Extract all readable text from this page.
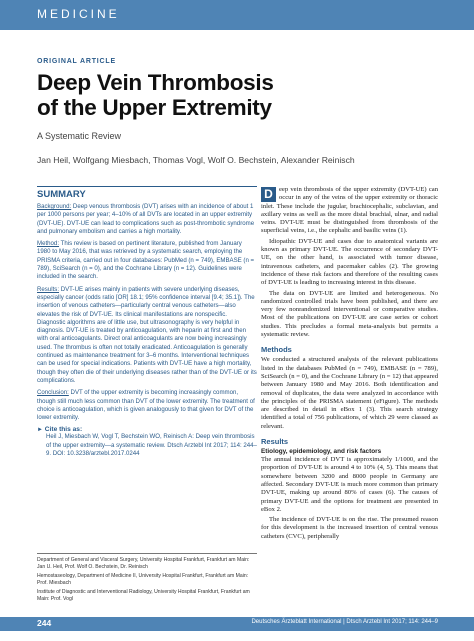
MEDICINE
ORIGINAL ARTICLE
Deep Vein Thrombosis
of the Upper Extremity
A Systematic Review
Jan Heil, Wolfgang Miesbach, Thomas Vogl, Wolf O. Bechstein, Alexander Reinisch
SUMMARY

Background: Deep venous thrombosis (DVT) arises with an incidence of about 1 per 1000 persons per year; 4–10% of all DVTs are located in an upper extremity (DVT-UE). DVT-UE can lead to complications such as post-thrombotic syndrome and pulmonary embolism and carries a high mortality.

Method: This review is based on pertinent literature, published from January 1980 to May 2016, that was retrieved by a systematic search, employing the PRISMA criteria, carried out in four databases: PubMed (n = 749), EMBASE (n = 789), SciSearch (n = 0), and the Cochrane Library (n = 12). Guidelines were included in the search.

Results: DVT-UE arises mainly in patients with severe underlying diseases, especially cancer (odds ratio [OR] 18.1; 95% confidence interval [9.4; 35.1]). The insertion of venous catheters—particularly central venous catheters—also elevates the risk of DVT-UE. Its clinical manifestations are nonspecific. Diagnostic algorithms are of little use, but ultrasonography is very helpful in diagnosis. DVT-UE is treated by anticoagulation, with heparin at first and then with oral anticoagulants. Direct oral anticoagulants are now being increasingly used. The thrombus is often not totally eradicated. Anticoagulation is generally continued as maintenance treatment for 3–6 months. Interventional techniques can be used for special indications. Patients with DVT-UE have a high mortality, though they often die of their underlying diseases rather than of the DVT-UE or its complications.

Conclusion: DVT of the upper extremity is becoming increasingly common, though still much less common than DVT of the lower extremity. The treatment of choice is anticoagulation, which is given analogously to that given for DVT of the lower extremity.

► Cite this as:

Heil J, Miesbach W, Vogl T, Bechstein WO, Reinisch A: Deep vein thrombosis of the upper extremity—a systematic review. Dtsch Arztebl Int 2017; 114: 244–9. DOI: 10.3238/arztebl.2017.0244

D eep vein thrombosis of the upper extremity (DVT-UE) can occur in any of the veins of the upper extremity or thoracic inlet. These include the jugular, brachiocephalic, subclavian, and axillary veins as well as the more distal brachial, ulnar, and radial veins. DVT-UE must be distinguished from thrombosis of the superficial veins, i.e., the cephalic and basilic veins (1).

Idiopathic DVT-UE and cases due to anatomical variants are known as primary DVT-UE. The occurrence of secondary DVT-UE, on the other hand, is associated with tumor disease, intravenous catheters, and pacemaker cables (2). The growing incidence of these risk factors and therefore of the resulting cases of DVT-UE is leading to increasing interest in this disease.

The data on DVT-UE are limited and heterogeneous. No randomized controlled trials have been published, and there are very few nonrandomized interventional or comparative studies. Most of the publications on DVT-UE are case series or cohort studies. This precludes a formal meta-analysis but permits a systematic review.

Methods

We conducted a structured analysis of the relevant publications listed in the databases PubMed (n = 749), EMBASE (n = 789), SciSearch (n = 0), and the Cochrane Library (n = 12) that appeared between January 1980 and May 2016. Both identification and removal of duplicates, the data were analyzed in accordance with the principles of the PRISMA statement (eFigure). The methods are described in detail in eBox 1 (3). This search strategy identified a total of 756 publications, of which 29 were classed as relevant.

Results
Etiology, epidemiology, and risk factors

The annual incidence of DVT is approximately 1/1000, and the proportion of DVT-UE is around 4 to 10% (4, 5). This means that somewhere between 3200 and 8000 people in Germany are affected. Secondary DVT-UE is much more common than primary DVT-UE, making up around 80% of cases (6). The causes of primary DVT-UE and the options for treatment are presented in eBox 2.

The incidence of DVT-UE is on the rise. The presumed reason for this development is the increased insertion of central venous catheters (CVC), peripherally

Department of General and Visceral Surgery, University Hospital Frankfurt, Frankfurt am Main: Jan U. Heil, Prof. Wolf O. Bechstein, Dr. Reinisch

Hemostaseology, Department of Medicine II, University Hospital Frankfurt, Frankfurt am Main: Prof. Miesbach

Institute of Diagnostic and Interventional Radiology, University Hospital Frankfurt, Frankfurt am Main: Prof. Vogl

244	Deutsches Ärzteblatt International | Dtsch Arztebl Int 2017; 114: 244–9
